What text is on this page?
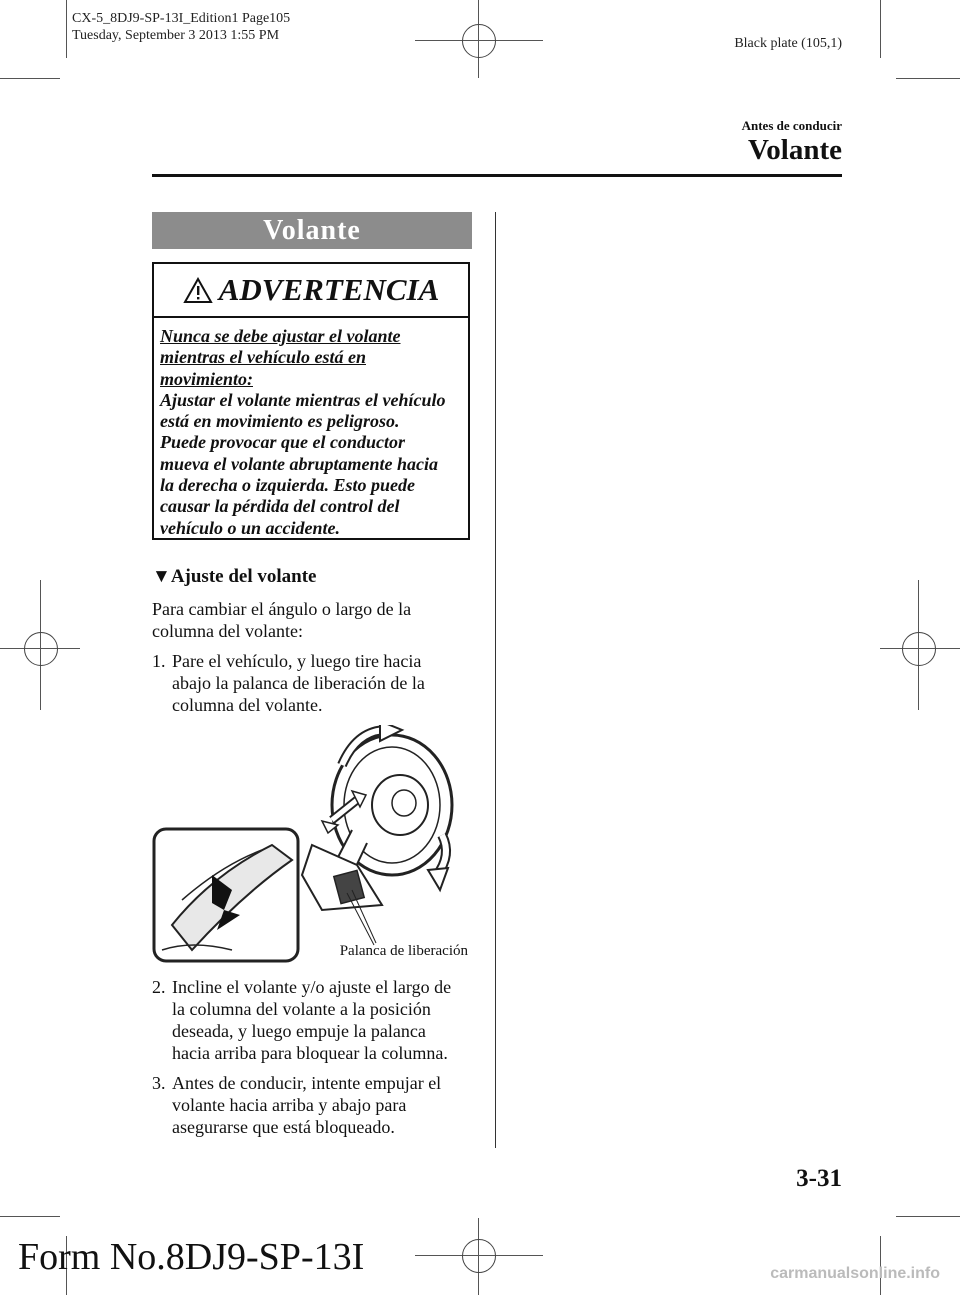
CX-5_8DJ9-SP-13I_Edition1 Page105
Tuesday, September 3 2013 1:55 PM
Black plate (105,1)
Antes de conducir
Volante
Volante
ADVERTENCIA
Nunca se debe ajustar el volante
mientras el vehículo está en
movimiento:
Ajustar el volante mientras el vehículo
está en movimiento es peligroso.
Puede provocar que el conductor
mueva el volante abruptamente hacia
la derecha o izquierda. Esto puede
causar la pérdida del control del
vehículo o un accidente.
▼Ajuste del volante
Para cambiar el ángulo o largo de la
columna del volante:
1. Pare el vehículo, y luego tire hacia
abajo la palanca de liberación de la
columna del volante.
Palanca de liberación
2. Incline el volante y/o ajuste el largo de
la columna del volante a la posición
deseada, y luego empuje la palanca
hacia arriba para bloquear la columna.
3. Antes de conducir, intente empujar el
volante hacia arriba y abajo para
asegurarse que está bloqueado.
3-31
Form No.8DJ9-SP-13I	carmanualsonline.info
